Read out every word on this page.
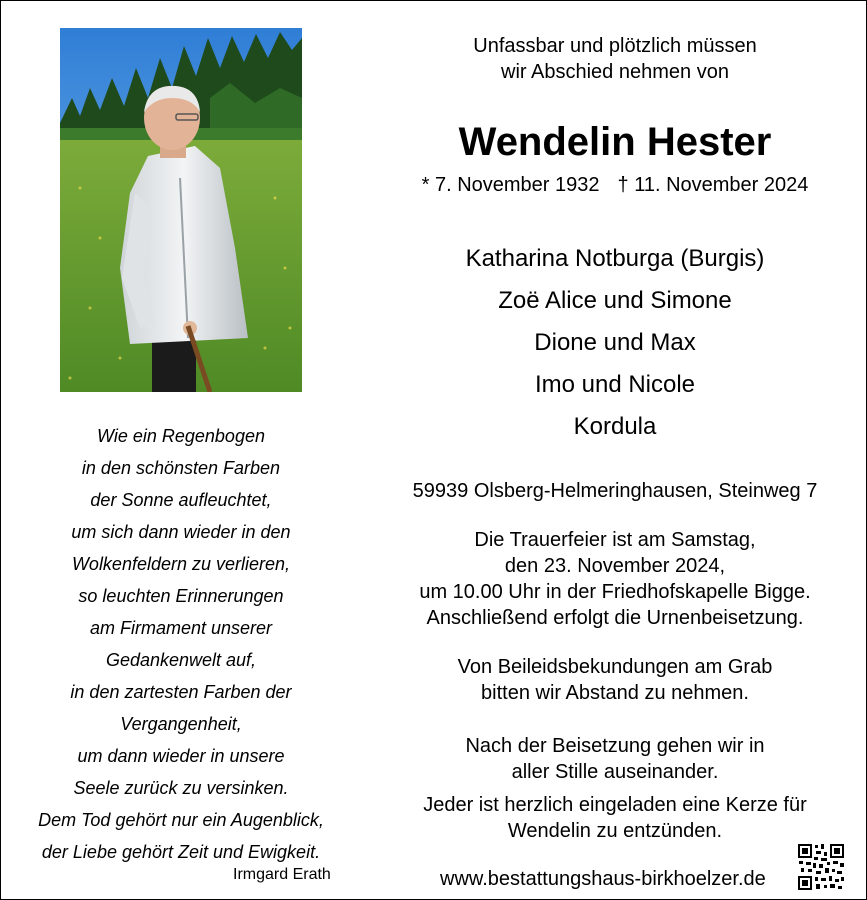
Unfassbar und plötzlich müssen
wir Abschied nehmen von
Wendelin Hester
* 7. November 1932 † 11. November 2024
Katharina Notburga (Burgis)
Zoë Alice und Simone
Dione und Max
Imo und Nicole
Kordula
59939 Olsberg-Helmeringhausen, Steinweg 7
Die Trauerfeier ist am Samstag,
den 23. November 2024,
um 10.00 Uhr in der Friedhofskapelle Bigge.
Anschließend erfolgt die Urnenbeisetzung.
Von Beileidsbekundungen am Grab
bitten wir Abstand zu nehmen.
Nach der Beisetzung gehen wir in
aller Stille auseinander.
Jeder ist herzlich eingeladen eine Kerze für
Wendelin zu entzünden.
Wie ein Regenbogen
in den schönsten Farben
der Sonne aufleuchtet,
um sich dann wieder in den
Wolkenfeldern zu verlieren,
so leuchten Erinnerungen
am Firmament unserer
Gedankenwelt auf,
in den zartesten Farben der
Vergangenheit,
um dann wieder in unsere
Seele zurück zu versinken.
Dem Tod gehört nur ein Augenblick,
der Liebe gehört Zeit und Ewigkeit.
Irmgard Erath	www.bestattungshaus-birkhoelzer.de
